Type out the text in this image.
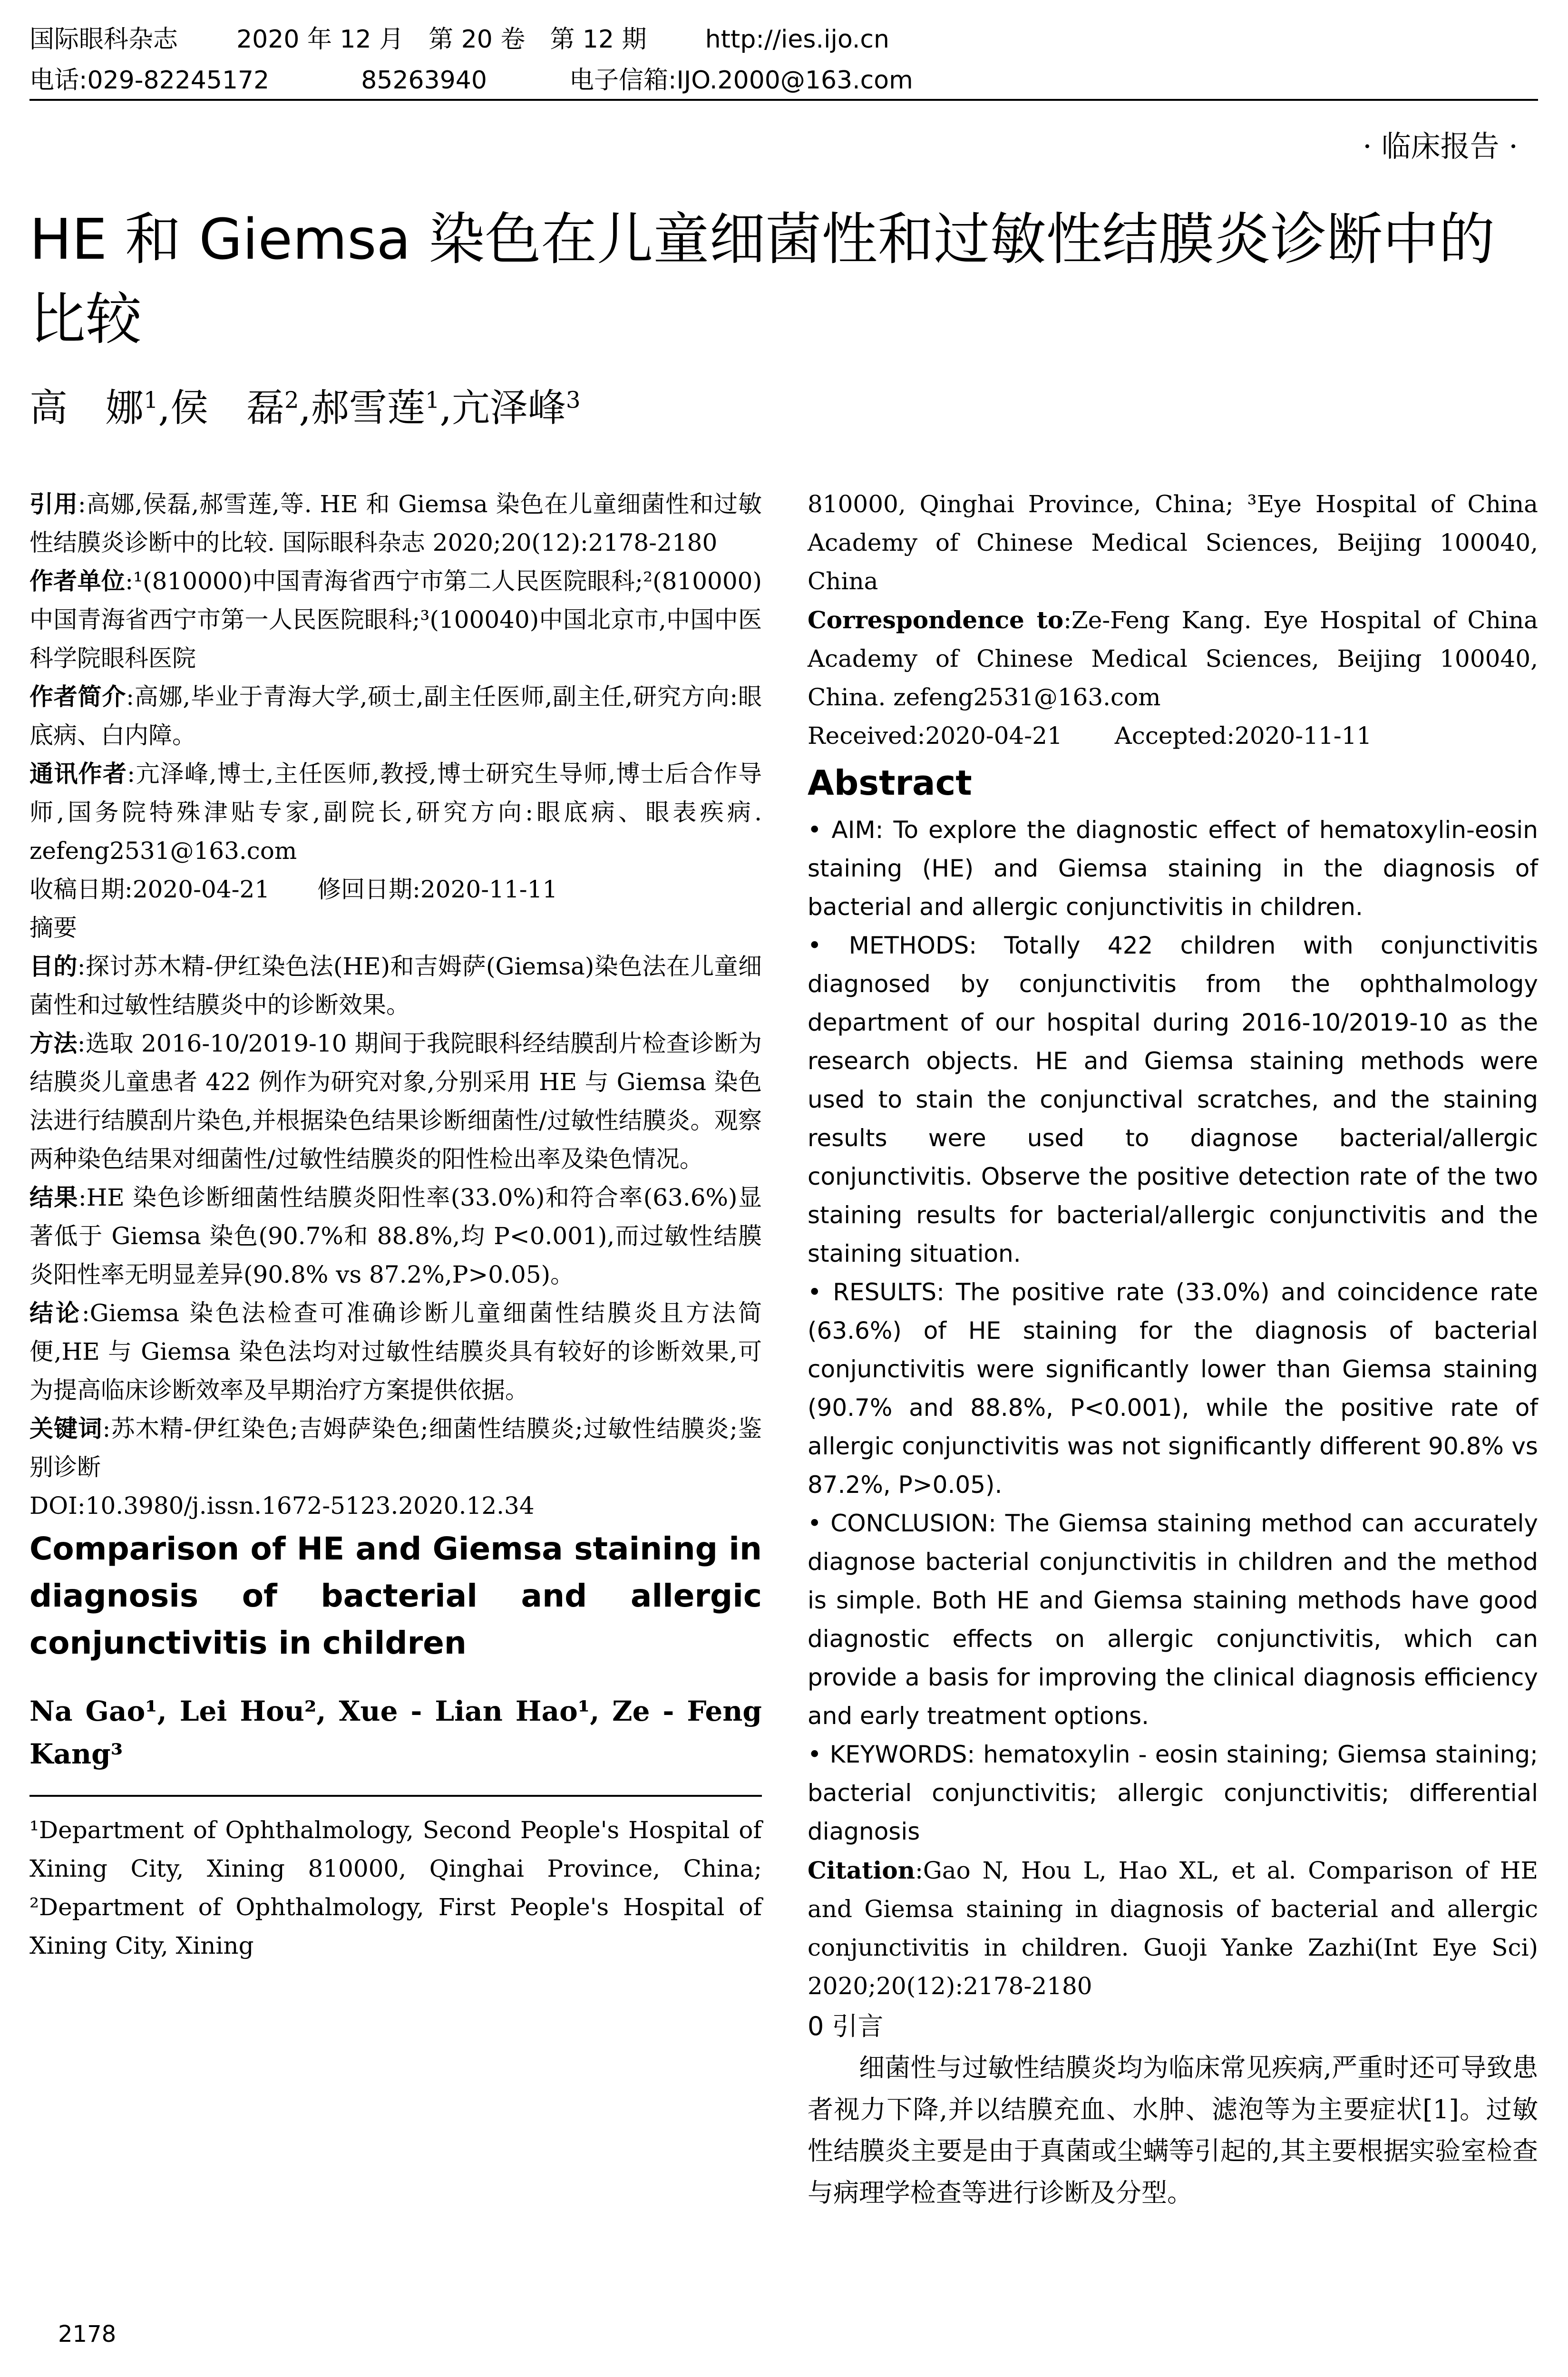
国际眼科杂志 2020 年 12 月　第 20 卷　第 12 期 http://ies.ijo.cn
电话:029-82245172	85263940	电子信箱:IJO.2000@163.com
· 临床报告 ·
HE 和 Giemsa 染色在儿童细菌性和过敏性结膜炎诊断中的比较
高　娜$^1$,侯　磊$^2$,郝雪莲$^1$,亢泽峰$^3$

引用:高娜,侯磊,郝雪莲,等. HE 和 Giemsa 染色在儿童细菌性和过敏性结膜炎诊断中的比较. 国际眼科杂志 2020;20(12):2178-2180

作者单位:¹(810000)中国青海省西宁市第二人民医院眼科;²(810000)中国青海省西宁市第一人民医院眼科;³(100040)中国北京市,中国中医科学院眼科医院

作者简介:高娜,毕业于青海大学,硕士,副主任医师,副主任,研究方向:眼底病、白内障。

通讯作者:亢泽峰,博士,主任医师,教授,博士研究生导师,博士后合作导师,国务院特殊津贴专家,副院长,研究方向:眼底病、眼表疾病. zefeng2531@163.com

收稿日期:2020-04-21　　修回日期:2020-11-11

摘要

目的:探讨苏木精-伊红染色法(HE)和吉姆萨(Giemsa)染色法在儿童细菌性和过敏性结膜炎中的诊断效果。

方法:选取 2016-10/2019-10 期间于我院眼科经结膜刮片检查诊断为结膜炎儿童患者 422 例作为研究对象,分别采用 HE 与 Giemsa 染色法进行结膜刮片染色,并根据染色结果诊断细菌性/过敏性结膜炎。观察两种染色结果对细菌性/过敏性结膜炎的阳性检出率及染色情况。

结果:HE 染色诊断细菌性结膜炎阳性率(33.0%)和符合率(63.6%)显著低于 Giemsa 染色(90.7%和 88.8%,均 P<0.001),而过敏性结膜炎阳性率无明显差异(90.8% vs 87.2%,P>0.05)。

结论:Giemsa 染色法检查可准确诊断儿童细菌性结膜炎且方法简便,HE 与 Giemsa 染色法均对过敏性结膜炎具有较好的诊断效果,可为提高临床诊断效率及早期治疗方案提供依据。

关键词:苏木精-伊红染色;吉姆萨染色;细菌性结膜炎;过敏性结膜炎;鉴别诊断

DOI:10.3980/j.issn.1672-5123.2020.12.34

Comparison of HE and Giemsa staining in diagnosis of bacterial and allergic conjunctivitis in children

Na Gao¹, Lei Hou², Xue - Lian Hao¹, Ze - Feng Kang³

¹Department of Ophthalmology, Second People's Hospital of Xining City, Xining 810000, Qinghai Province, China; ²Department of Ophthalmology, First People's Hospital of Xining City, Xining

810000, Qinghai Province, China; ³Eye Hospital of China Academy of Chinese Medical Sciences, Beijing 100040, China

Correspondence to:Ze-Feng Kang. Eye Hospital of China Academy of Chinese Medical Sciences, Beijing 100040, China. zefeng2531@163.com

Received:2020-04-21 Accepted:2020-11-11

Abstract

• AIM: To explore the diagnostic effect of hematoxylin-eosin staining (HE) and Giemsa staining in the diagnosis of bacterial and allergic conjunctivitis in children.

• METHODS: Totally 422 children with conjunctivitis diagnosed by conjunctivitis from the ophthalmology department of our hospital during 2016-10/2019-10 as the research objects. HE and Giemsa staining methods were used to stain the conjunctival scratches, and the staining results were used to diagnose bacterial/allergic conjunctivitis. Observe the positive detection rate of the two staining results for bacterial/allergic conjunctivitis and the staining situation.

• RESULTS: The positive rate (33.0%) and coincidence rate (63.6%) of HE staining for the diagnosis of bacterial conjunctivitis were significantly lower than Giemsa staining (90.7% and 88.8%, P<0.001), while the positive rate of allergic conjunctivitis was not significantly different 90.8% vs 87.2%, P>0.05).

• CONCLUSION: The Giemsa staining method can accurately diagnose bacterial conjunctivitis in children and the method is simple. Both HE and Giemsa staining methods have good diagnostic effects on allergic conjunctivitis, which can provide a basis for improving the clinical diagnosis efficiency and early treatment options.

• KEYWORDS: hematoxylin - eosin staining; Giemsa staining; bacterial conjunctivitis; allergic conjunctivitis; differential diagnosis

Citation:Gao N, Hou L, Hao XL, et al. Comparison of HE and Giemsa staining in diagnosis of bacterial and allergic conjunctivitis in children. Guoji Yanke Zazhi(Int Eye Sci) 2020;20(12):2178-2180

0 引言

细菌性与过敏性结膜炎均为临床常见疾病,严重时还可导致患者视力下降,并以结膜充血、水肿、滤泡等为主要症状[1]。过敏性结膜炎主要是由于真菌或尘螨等引起的,其主要根据实验室检查与病理学检查等进行诊断及分型。

2178
